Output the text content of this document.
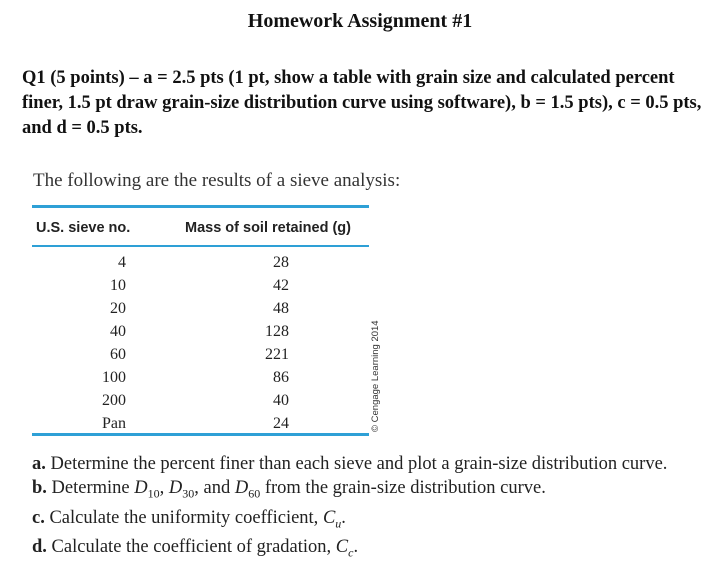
Homework Assignment #1
Q1 (5 points) – a = 2.5 pts (1 pt, show a table with grain size and calculated percent finer, 1.5 pt draw grain-size distribution curve using software), b = 1.5 pts), c = 0.5 pts, and d = 0.5 pts.
The following are the results of a sieve analysis:
U.S. sieve no.	Mass of soil retained (g)
4	28
10	42
20	48
40	128
60	221
100	86
200	40
Pan	24	© Cengage Learning 2014
a. Determine the percent finer than each sieve and plot a grain-size distribution curve.
b. Determine $D_{10}$, $D_{30}$, and $D_{60}$ from the grain-size distribution curve.
c. Calculate the uniformity coefficient, $C_u$.
d. Calculate the coefficient of gradation, $C_c$.
